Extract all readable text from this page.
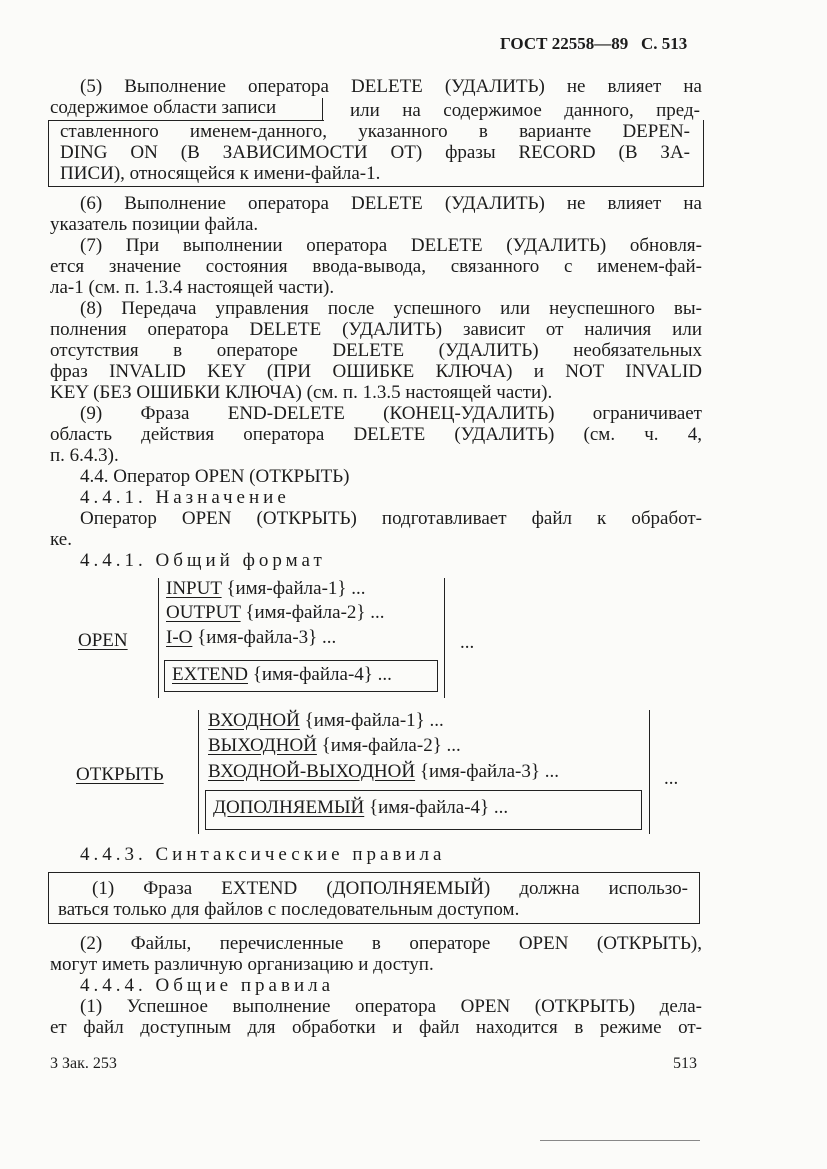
ГОСТ 22558—89 С. 513
(5) Выполнение оператора DELETE (УДАЛИТЬ) не влияет на
содержимое области записи	или на содержимое данного, пред-
ставленного именем-данного, указанного в варианте DEPEN-
DING ON (В ЗАВИСИМОСТИ ОТ) фразы RECORD (В ЗА-
ПИСИ), относящейся к имени-файла-1.
(6) Выполнение оператора DELETE (УДАЛИТЬ) не влияет на
указатель позиции файла.
(7) При выполнении оператора DELETE (УДАЛИТЬ) обновля-
ется значение состояния ввода-вывода, связанного с именем-фай-
ла-1 (см. п. 1.3.4 настоящей части).
(8) Передача управления после успешного или неуспешного вы-
полнения оператора DELETE (УДАЛИТЬ) зависит от наличия или
отсутствия в операторе DELETE (УДАЛИТЬ) необязательных
фраз INVALID KEY (ПРИ ОШИБКЕ КЛЮЧА) и NOT INVALID
KEY (БЕЗ ОШИБКИ КЛЮЧА) (см. п. 1.3.5 настоящей части).
(9) Фраза END-DELETE (КОНЕЦ-УДАЛИТЬ) ограничивает
область действия оператора DELETE (УДАЛИТЬ) (см. ч. 4,
п. 6.4.3).
4.4. Оператор OPEN (ОТКРЫТЬ)
4.4.1. Назначение
Оператор OPEN (ОТКРЫТЬ) подготавливает файл к обработ-
ке.
4.4.1. Общий формат
OPEN
INPUT {имя-файла-1} ...
OUTPUT {имя-файла-2} ...
I-O {имя-файла-3} ...
EXTEND {имя-файла-4} ...
...
ОТКРЫТЬ
ВХОДНОЙ {имя-файла-1} ...
ВЫХОДНОЙ {имя-файла-2} ...
ВХОДНОЙ-ВЫХОДНОЙ {имя-файла-3} ...
ДОПОЛНЯЕМЫЙ {имя-файла-4} ...
...
4.4.3. Синтаксические правила
(1) Фраза EXTEND (ДОПОЛНЯЕМЫЙ) должна использо-
ваться только для файлов с последовательным доступом.
(2) Файлы, перечисленные в операторе OPEN (ОТКРЫТЬ),
могут иметь различную организацию и доступ.
4.4.4. Общие правила
(1) Успешное выполнение оператора OPEN (ОТКРЫТЬ) дела-
ет файл доступным для обработки и файл находится в режиме от-
3 Зак. 253	513
